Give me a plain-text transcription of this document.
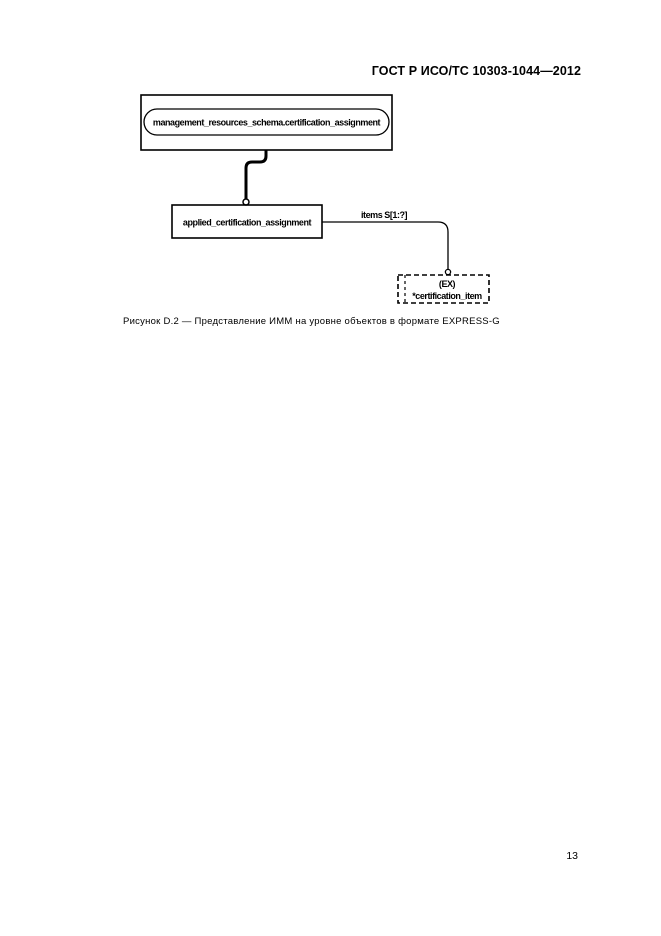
ГОСТ Р ИСО/ТС 10303-1044—2012
management_resources_schema.certification_assignment
applied_certification_assignment
items S[1:?]
(EX)
*certification_item
Рисунок D.2 — Представление ИММ на уровне объектов в формате EXPRESS-G
13
